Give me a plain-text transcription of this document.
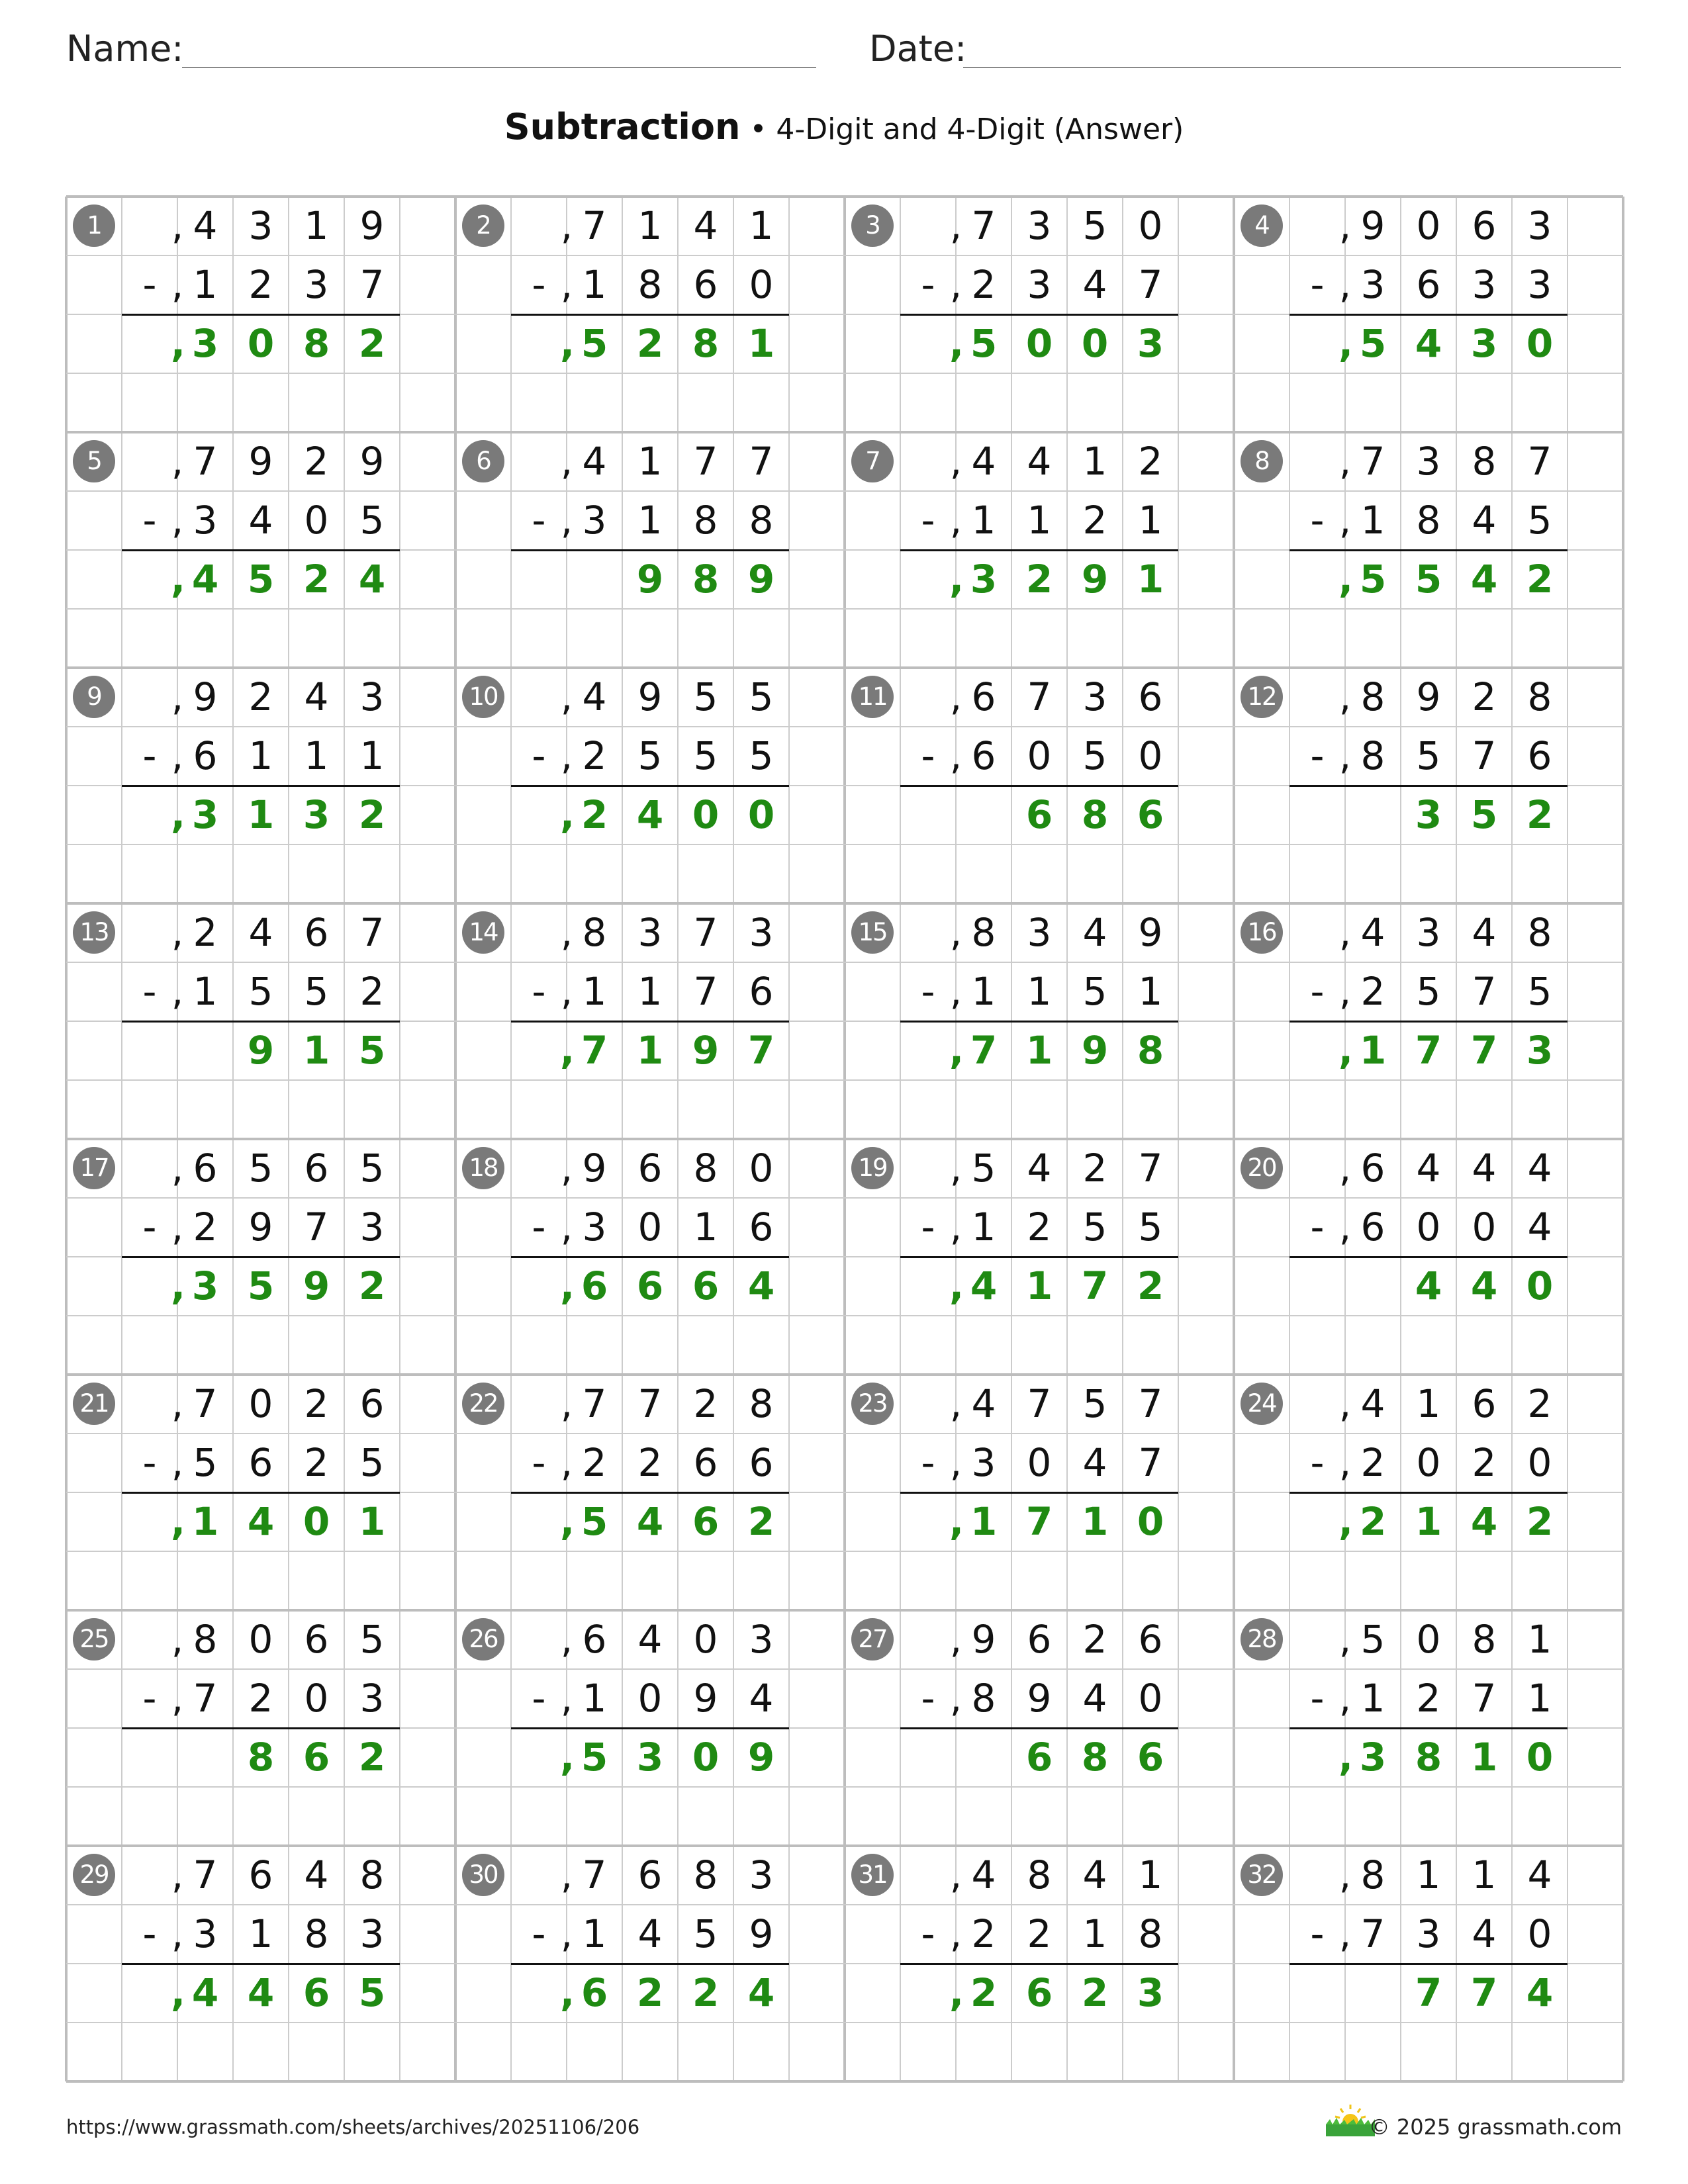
Name:	Date:
Subtraction • 4-Digit and 4-Digit (Answer)
1	4 3 1 9
,
- 1 2 3 7
,
3 0 8 2
,
2	7 1 4 1
,
- 1 8 6 0
,
5 2 8 1
,
3	7 3 5 0
,
- 2 3 4 7
,
5 0 0 3
,
4	9 0 6 3
,
- 3 6 3 3
,
5 4 3 0
,
5	7 9 2 9
,
- 3 4 0 5
,
4 5 2 4
,
6	4 1 7 7
,
- 3 1 8 8
,
9 8 9
7	4 4 1 2
,
- 1 1 2 1
,
3 2 9 1
,
8	7 3 8 7
,
- 1 8 4 5
,
5 5 4 2
,
9	9 2 4 3
,
- 6 1 1 1
,
3 1 3 2
,
10	4 9 5 5
,
- 2 5 5 5
,
2 4 0 0
,
11	6 7 3 6
,
- 6 0 5 0
,
6 8 6
12	8 9 2 8
,
- 8 5 7 6
,
3 5 2
13	2 4 6 7
,
- 1 5 5 2
,
9 1 5
14	8 3 7 3
,
- 1 1 7 6
,
7 1 9 7
,
15	8 3 4 9
,
- 1 1 5 1
,
7 1 9 8
,
16	4 3 4 8
,
- 2 5 7 5
,
1 7 7 3
,
17	6 5 6 5
,
- 2 9 7 3
,
3 5 9 2
,
18	9 6 8 0
,
- 3 0 1 6
,
6 6 6 4
,
19	5 4 2 7
,
- 1 2 5 5
,
4 1 7 2
,
20	6 4 4 4
,
- 6 0 0 4
,
4 4 0
21	7 0 2 6
,
- 5 6 2 5
,
1 4 0 1
,
22	7 7 2 8
,
- 2 2 6 6
,
5 4 6 2
,
23	4 7 5 7
,
- 3 0 4 7
,
1 7 1 0
,
24	4 1 6 2
,
- 2 0 2 0
,
2 1 4 2
,
25	8 0 6 5
,
- 7 2 0 3
,
8 6 2
26	6 4 0 3
,
- 1 0 9 4
,
5 3 0 9
,
27	9 6 2 6
,
- 8 9 4 0
,
6 8 6
28	5 0 8 1
,
- 1 2 7 1
,
3 8 1 0
,
29	7 6 4 8
,
- 3 1 8 3
,
4 4 6 5
,
30	7 6 8 3
,
- 1 4 5 9
,
6 2 2 4
,
31	4 8 4 1
,
- 2 2 1 8
,
2 6 2 3
,
32	8 1 1 4
,
- 7 3 4 0
,
7 7 4
https://www.grassmath.com/sheets/archives/20251106/206	© 2025 grassmath.com
